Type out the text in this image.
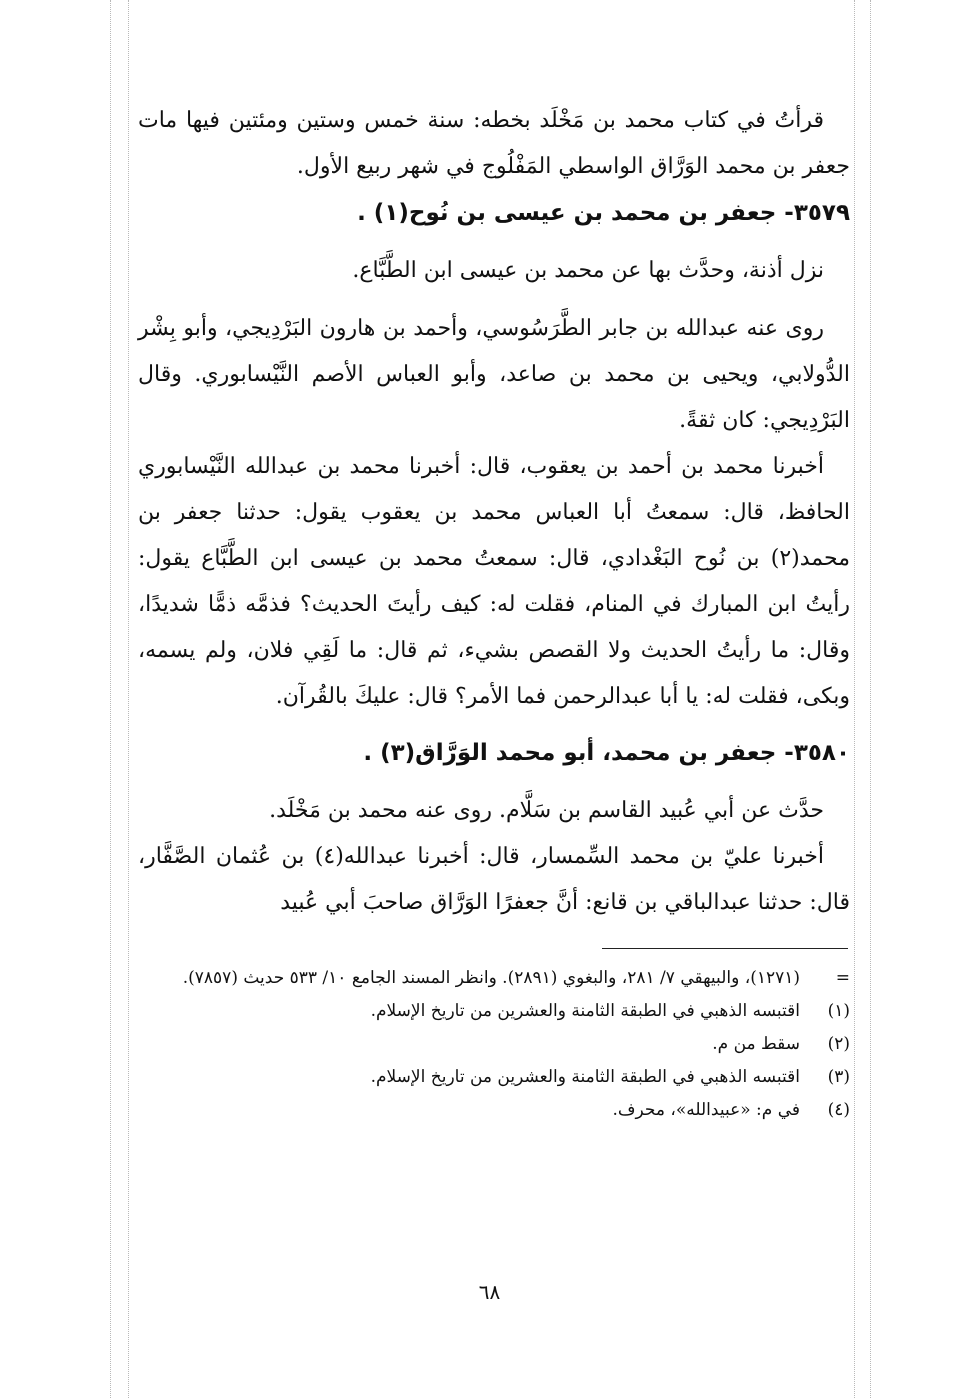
قرأتُ في كتاب محمد بن مَخْلَد بخطه: سنة خمس وستين ومئتين فيها مات جعفر بن محمد الوَرَّاق الواسطي المَفْلُوج في شهر ربيع الأول.

٣٥٧٩- جعفر بن محمد بن عيسى بن نُوح(١) .

نزل أذنة، وحدَّث بها عن محمد بن عيسى ابن الطَّبَّاع.

روى عنه عبدالله بن جابر الطَّرَسُوسي، وأحمد بن هارون البَرْدِيجي، وأبو بِشْر الدُّولابي، ويحيى بن محمد بن صاعد، وأبو العباس الأصم النَّيْسابوري. وقال البَرْدِيجي: كان ثقةً.

أخبرنا محمد بن أحمد بن يعقوب، قال: أخبرنا محمد بن عبدالله النَّيْسابوري الحافظ، قال: سمعتُ أبا العباس محمد بن يعقوب يقول: حدثنا جعفر بن محمد(٢) بن نُوح البَغْدادي، قال: سمعتُ محمد بن عيسى ابن الطَّبَّاع يقول: رأيتُ ابن المبارك في المنام، فقلت له: كيف رأيتَ الحديث؟ فذمَّه ذمًّا شديدًا، وقال: ما رأيتُ الحديث ولا القصص بشيء، ثم قال: ما لَقِي فلان، ولم يسمه، وبكى، فقلت له: يا أبا عبدالرحمن فما الأمر؟ قال: عليكَ بالقُرآن.

٣٥٨٠- جعفر بن محمد، أبو محمد الوَرَّاق(٣) .

حدَّث عن أبي عُبيد القاسم بن سَلَّام. روى عنه محمد بن مَخْلَد.

أخبرنا عليّ بن محمد السِّمسار، قال: أخبرنا عبدالله(٤) بن عُثمان الصَّفَّار، قال: حدثنا عبدالباقي بن قانع: أنَّ جعفرًا الوَرَّاق صاحبَ أبي عُبيد

=
(١٢٧١)، والبيهقي ٧/ ٢٨١، والبغوي (٢٨٩١). وانظر المسند الجامع ١٠/ ٥٣٣ حديث (٧٨٥٧).
(١)
اقتبسه الذهبي في الطبقة الثامنة والعشرين من تاريخ الإسلام.
(٢)
سقط من م.
(٣)
اقتبسه الذهبي في الطبقة الثامنة والعشرين من تاريخ الإسلام.
(٤)
في م: «عبيدالله»، محرف.
٦٨
